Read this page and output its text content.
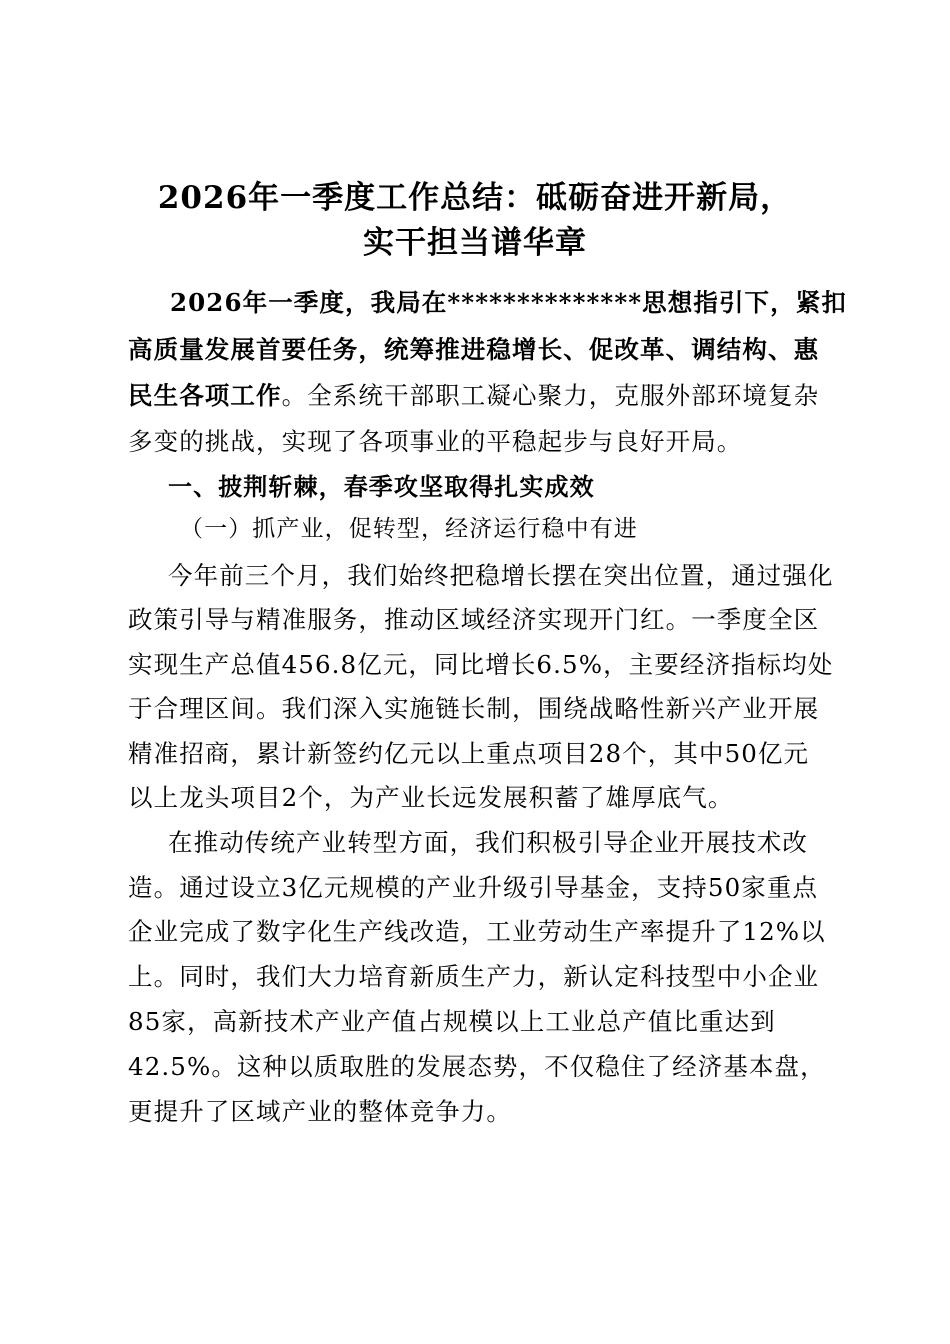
2026年一季度工作总结：砥砺奋进开新局，
实干担当谱华章
2026年一季度，我局在**************思想指引下，紧扣
高质量发展首要任务，统筹推进稳增长、促改革、调结构、惠
民生各项工作。全系统干部职工凝心聚力，克服外部环境复杂
多变的挑战，实现了各项事业的平稳起步与良好开局。
一、披荆斩棘，春季攻坚取得扎实成效
（一）抓产业，促转型，经济运行稳中有进
今年前三个月，我们始终把稳增长摆在突出位置，通过强化
政策引导与精准服务，推动区域经济实现开门红。一季度全区
实现生产总值456.8亿元，同比增长6.5%，主要经济指标均处
于合理区间。我们深入实施链长制，围绕战略性新兴产业开展
精准招商，累计新签约亿元以上重点项目28个，其中50亿元
以上龙头项目2个，为产业长远发展积蓄了雄厚底气。
在推动传统产业转型方面，我们积极引导企业开展技术改
造。通过设立3亿元规模的产业升级引导基金，支持50家重点
企业完成了数字化生产线改造，工业劳动生产率提升了12%以
上。同时，我们大力培育新质生产力，新认定科技型中小企业
85家，高新技术产业产值占规模以上工业总产值比重达到
42.5%。这种以质取胜的发展态势，不仅稳住了经济基本盘，
更提升了区域产业的整体竞争力。
